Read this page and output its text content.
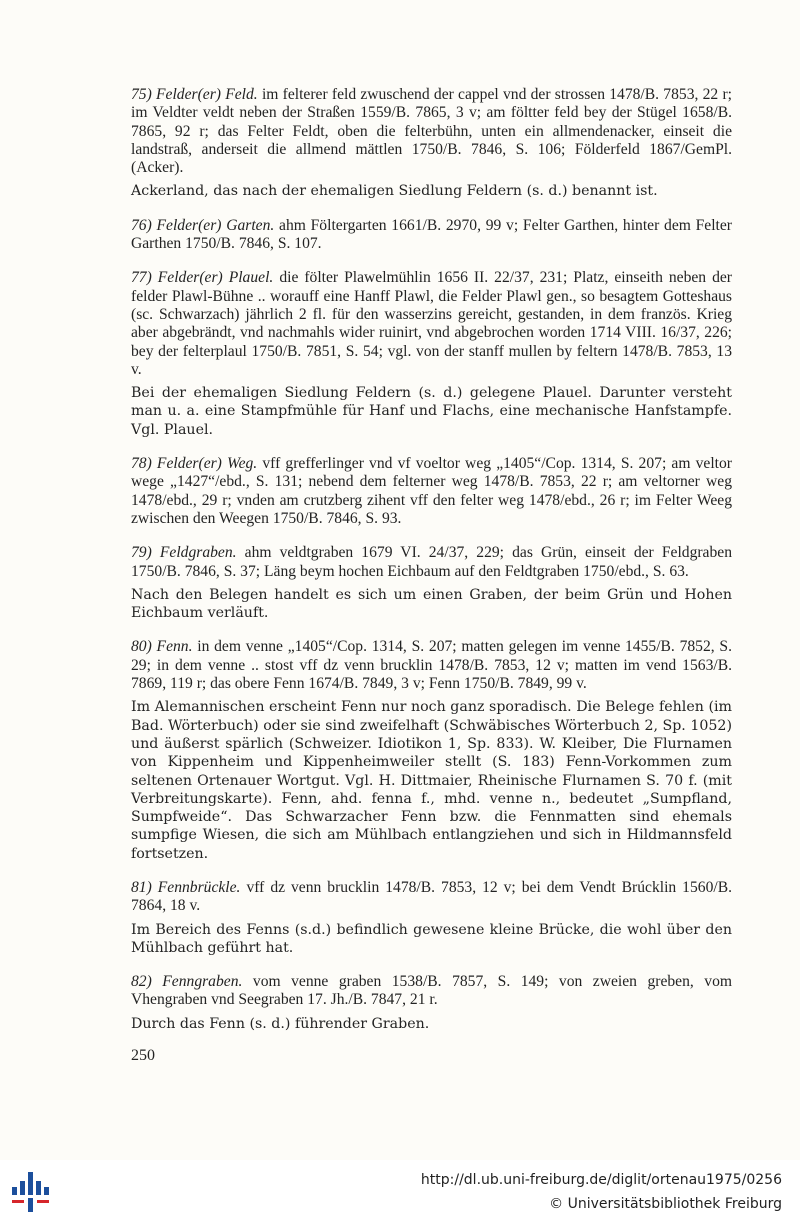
75) Felder(er) Feld. im felterer feld zwuschend der cappel vnd der strossen 1478/B. 7853, 22 r; im Veldter veldt neben der Straßen 1559/B. 7865, 3 v; am föltter feld bey der Stügel 1658/B. 7865, 92 r; das Felter Feldt, oben die felterbühn, unten ein allmendenacker, einseit die landstraß, anderseit die allmend mättlen 1750/B. 7846, S. 106; Földerfeld 1867/GemPl. (Acker).

Ackerland, das nach der ehemaligen Siedlung Feldern (s. d.) benannt ist.

76) Felder(er) Garten. ahm Föltergarten 1661/B. 2970, 99 v; Felter Garthen, hinter dem Felter Garthen 1750/B. 7846, S. 107.

77) Felder(er) Plauel. die fölter Plawelmühlin 1656 II. 22/37, 231; Platz, einseith neben der felder Plawl-Bühne .. worauff eine Hanff Plawl, die Felder Plawl gen., so besagtem Gotteshaus (sc. Schwarzach) jährlich 2 fl. für den wasserzins gereicht, gestanden, in dem französ. Krieg aber abgebrändt, vnd nachmahls wider ruinirt, vnd abgebrochen worden 1714 VIII. 16/37, 226; bey der felterplaul 1750/B. 7851, S. 54; vgl. von der stanff mullen by feltern 1478/B. 7853, 13 v.

Bei der ehemaligen Siedlung Feldern (s. d.) gelegene Plauel. Darunter versteht man u. a. eine Stampfmühle für Hanf und Flachs, eine mechanische Hanfstampfe. Vgl. Plauel.

78) Felder(er) Weg. vff grefferlinger vnd vf voeltor weg „1405“/Cop. 1314, S. 207; am veltor wege „1427“/ebd., S. 131; nebend dem felterner weg 1478/B. 7853, 22 r; am veltorner weg 1478/ebd., 29 r; vnden am crutzberg zihent vff den felter weg 1478/ebd., 26 r; im Felter Weeg zwischen den Weegen 1750/B. 7846, S. 93.

79) Feldgraben. ahm veldtgraben 1679 VI. 24/37, 229; das Grün, einseit der Feldgraben 1750/B. 7846, S. 37; Läng beym hochen Eichbaum auf den Feldtgraben 1750/ebd., S. 63.

Nach den Belegen handelt es sich um einen Graben, der beim Grün und Hohen Eichbaum verläuft.

80) Fenn. in dem venne „1405“/Cop. 1314, S. 207; matten gelegen im venne 1455/B. 7852, S. 29; in dem venne .. stost vff dz venn brucklin 1478/B. 7853, 12 v; matten im vend 1563/B. 7869, 119 r; das obere Fenn 1674/B. 7849, 3 v; Fenn 1750/B. 7849, 99 v.

Im Alemannischen erscheint Fenn nur noch ganz sporadisch. Die Belege fehlen (im Bad. Wörterbuch) oder sie sind zweifelhaft (Schwäbisches Wörterbuch 2, Sp. 1052) und äußerst spärlich (Schweizer. Idiotikon 1, Sp. 833). W. Kleiber, Die Flurnamen von Kippenheim und Kippenheimweiler stellt (S. 183) Fenn-Vorkommen zum seltenen Ortenauer Wortgut. Vgl. H. Dittmaier, Rheinische Flurnamen S. 70 f. (mit Verbreitungskarte). Fenn, ahd. fenna f., mhd. venne n., bedeutet „Sumpfland, Sumpfweide“. Das Schwarzacher Fenn bzw. die Fennmatten sind ehemals sumpfige Wiesen, die sich am Mühlbach entlangziehen und sich in Hildmannsfeld fortsetzen.

81) Fennbrückle. vff dz venn brucklin 1478/B. 7853, 12 v; bei dem Vendt Brúcklin 1560/B. 7864, 18 v.

Im Bereich des Fenns (s.d.) befindlich gewesene kleine Brücke, die wohl über den Mühlbach geführt hat.

82) Fenngraben. vom venne graben 1538/B. 7857, S. 149; von zweien greben, vom Vhengraben vnd Seegraben 17. Jh./B. 7847, 21 r.

Durch das Fenn (s. d.) führender Graben.

250
http://dl.ub.uni-freiburg.de/diglit/ortenau1975/0256
© Universitätsbibliothek Freiburg
